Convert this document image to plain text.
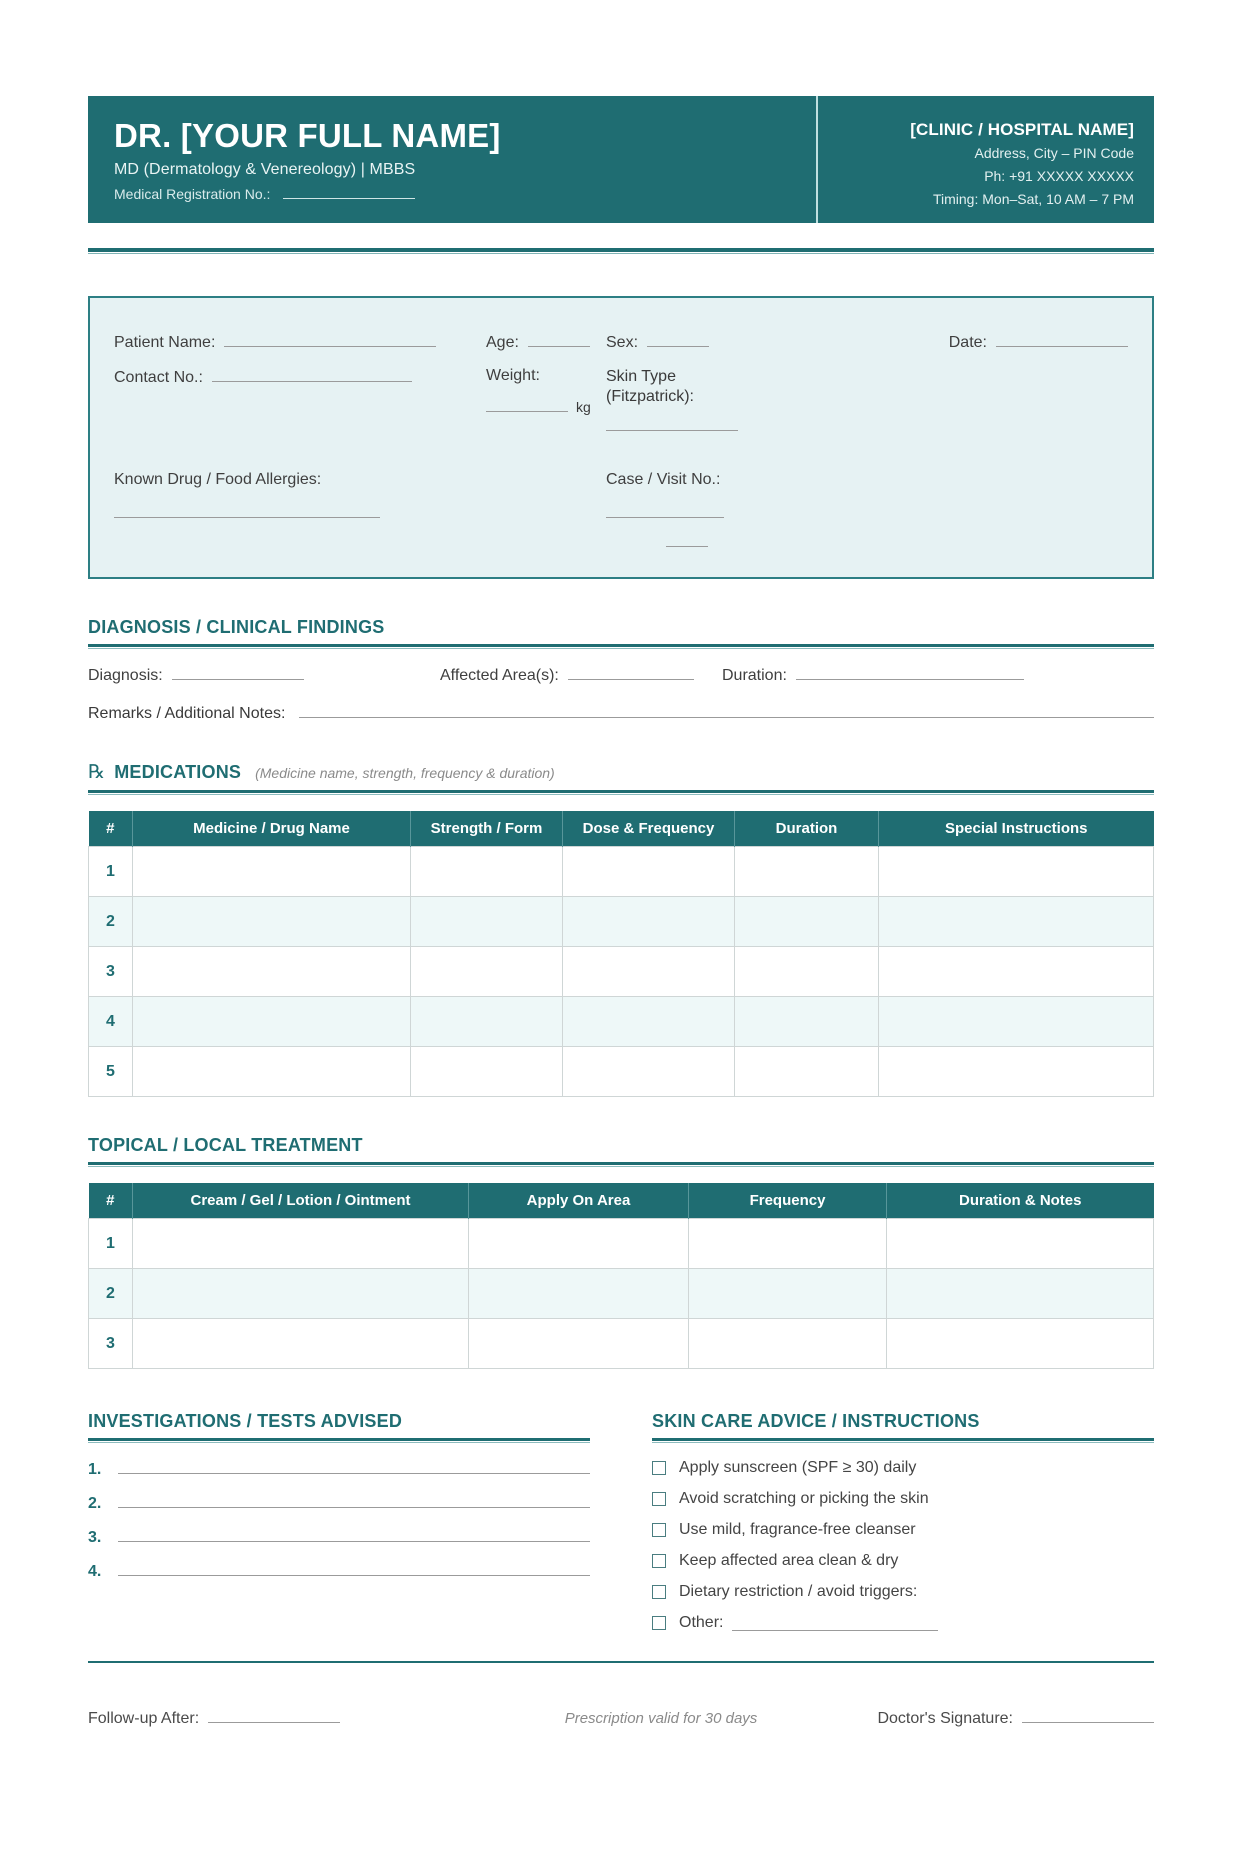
DR. [YOUR FULL NAME]
MD (Dermatology & Venereology) | MBBS
Medical Registration No.:
[CLINIC / HOSPITAL NAME]
Address, City – PIN Code
Ph: +91 XXXXX XXXXX
Timing: Mon–Sat, 10 AM – 7 PM
Patient Name:
Contact No.:
Age:
Weight:
kg
Sex:
Skin Type
(Fitzpatrick):
Date:
Known Drug / Food Allergies:	Case / Visit No.:
DIAGNOSIS / CLINICAL FINDINGS
Diagnosis:	Affected Area(s):	Duration:
Remarks / Additional Notes:
℞ MEDICATIONS (Medicine name, strength, frequency & duration)
#	Medicine / Drug Name	Strength / Form	Dose & Frequency	Duration	Special Instructions
1					
2					
3					
4					
5					
TOPICAL / LOCAL TREATMENT
#	Cream / Gel / Lotion / Ointment	Apply On Area	Frequency	Duration & Notes
1				
2				
3				
INVESTIGATIONS / TESTS ADVISED
1.
2.
3.
4.
SKIN CARE ADVICE / INSTRUCTIONS
Apply sunscreen (SPF ≥ 30) daily
Avoid scratching or picking the skin
Use mild, fragrance-free cleanser
Keep affected area clean & dry
Dietary restriction / avoid triggers:
Other:
Follow-up After:	Prescription valid for 30 days	Doctor's Signature:
